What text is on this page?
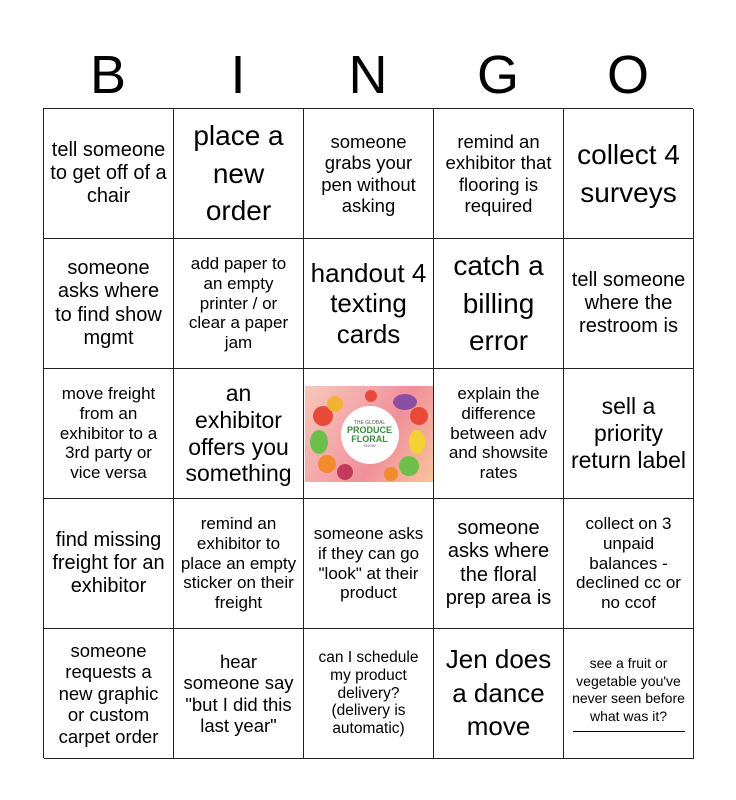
B	I	N	G	O
tell someone to get off of a chair
place a new order
someone grabs your pen without asking
remind an exhibitor that flooring is required
collect 4 surveys
someone asks where to find show mgmt
add paper to an empty printer / or clear a paper jam
handout 4 texting cards
catch a billing error
tell someone where the restroom is
move freight from an exhibitor to a 3rd party or vice versa
an exhibitor offers you something
THE GLOBAL
PRODUCE
FLORAL
SHOW
explain the difference between adv and showsite rates
sell a priority return label
find missing freight for an exhibitor
remind an exhibitor to place an empty sticker on their freight
someone asks if they can go "look" at their product
someone asks where the floral prep area is
collect on 3 unpaid balances - declined cc or no ccof
someone requests a new graphic or custom carpet order
hear someone say "but I did this last year"
can I schedule my product delivery? (delivery is automatic)
Jen does a dance move
see a fruit or vegetable you've never seen before what was it?
